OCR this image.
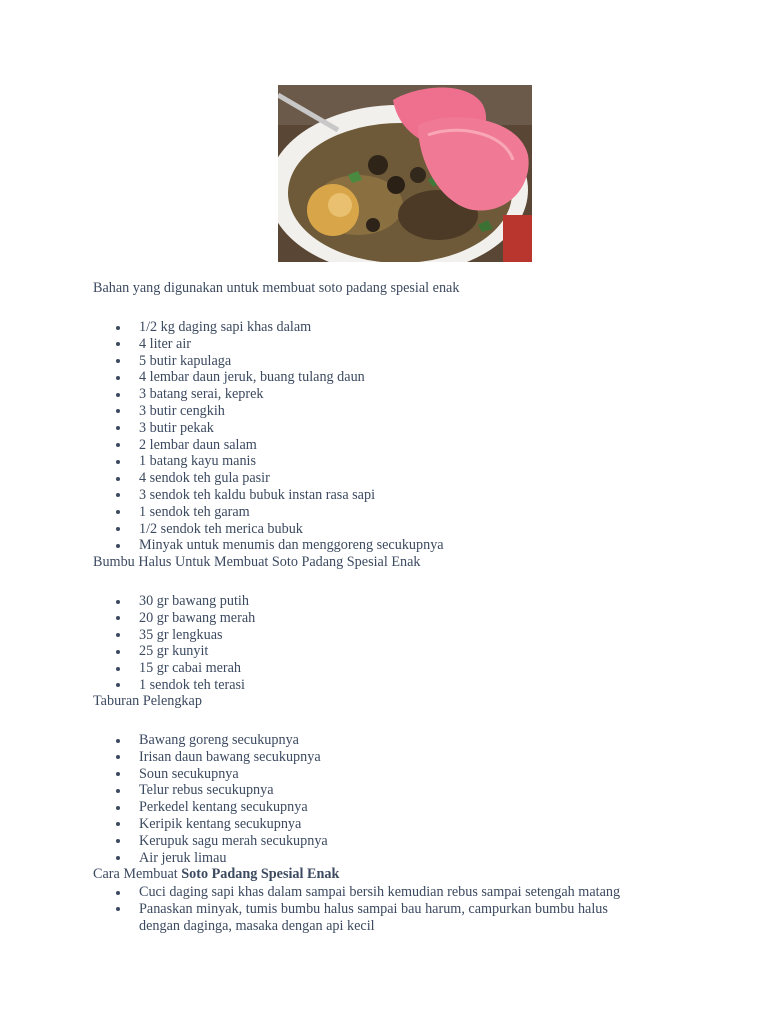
Bahan yang digunakan untuk membuat soto padang spesial enak
1/2 kg daging sapi khas dalam
4 liter air
5 butir kapulaga
4 lembar daun jeruk, buang tulang daun
3 batang serai, keprek
3 butir cengkih
3 butir pekak
2 lembar daun salam
1 batang kayu manis
4 sendok teh gula pasir
3 sendok teh kaldu bubuk instan rasa sapi
1 sendok teh garam
1/2 sendok teh merica bubuk
Minyak untuk menumis dan menggoreng secukupnya
Bumbu Halus Untuk Membuat Soto Padang Spesial Enak
30 gr bawang putih
20 gr bawang merah
35 gr lengkuas
25 gr kunyit
15 gr cabai merah
1 sendok teh terasi
Taburan Pelengkap
Bawang goreng secukupnya
Irisan daun bawang secukupnya
Soun secukupnya
Telur rebus secukupnya
Perkedel kentang secukupnya
Keripik kentang secukupnya
Kerupuk sagu merah secukupnya
Air jeruk limau
Cara Membuat Soto Padang Spesial Enak
Cuci daging sapi khas dalam sampai bersih kemudian rebus sampai setengah matang
Panaskan minyak, tumis bumbu halus sampai bau harum, campurkan bumbu halus
dengan daginga, masaka dengan api kecil
